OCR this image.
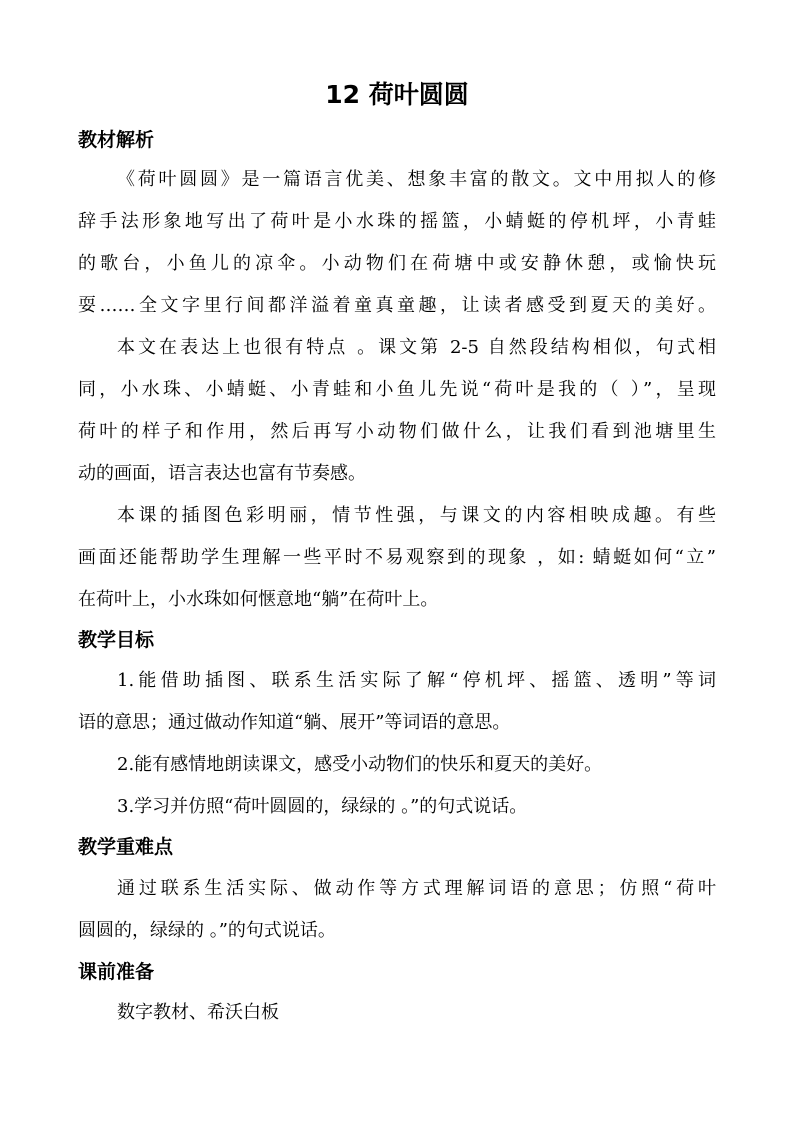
12 荷叶圆圆
教材解析
《荷叶圆圆》是一篇语言优美、想象丰富的散文。文中用拟人的修
辞手法形象地写出了荷叶是小水珠的摇篮，小蜻蜓的停机坪，小青蛙
的歌台，小鱼儿的凉伞。小动物们在荷塘中或安静休憩，或愉快玩
耍……全文字里行间都洋溢着童真童趣，让读者感受到夏天的美好。
本文在表达上也很有特点 。课文第 2-5 自然段结构相似，句式相
同，小水珠、小蜻蜓、小青蛙和小鱼儿先说“荷叶是我的（ ）”，呈现
荷叶的样子和作用，然后再写小动物们做什么，让我们看到池塘里生
动的画面，语言表达也富有节奏感。
本课的插图色彩明丽，情节性强，与课文的内容相映成趣。有些
画面还能帮助学生理解一些平时不易观察到的现象 ，如: 蜻蜓如何“立”
在荷叶上，小水珠如何惬意地“躺”在荷叶上。
教学目标
1.能借助插图、联系生活实际了解“停机坪、摇篮、透明”等词
语的意思；通过做动作知道“躺、展开”等词语的意思。
2.能有感情地朗读课文，感受小动物们的快乐和夏天的美好。
3.学习并仿照“荷叶圆圆的，绿绿的 。”的句式说话。
教学重难点
通过联系生活实际、做动作等方式理解词语的意思；仿照“荷叶
圆圆的，绿绿的 。”的句式说话。
课前准备
数字教材、希沃白板
